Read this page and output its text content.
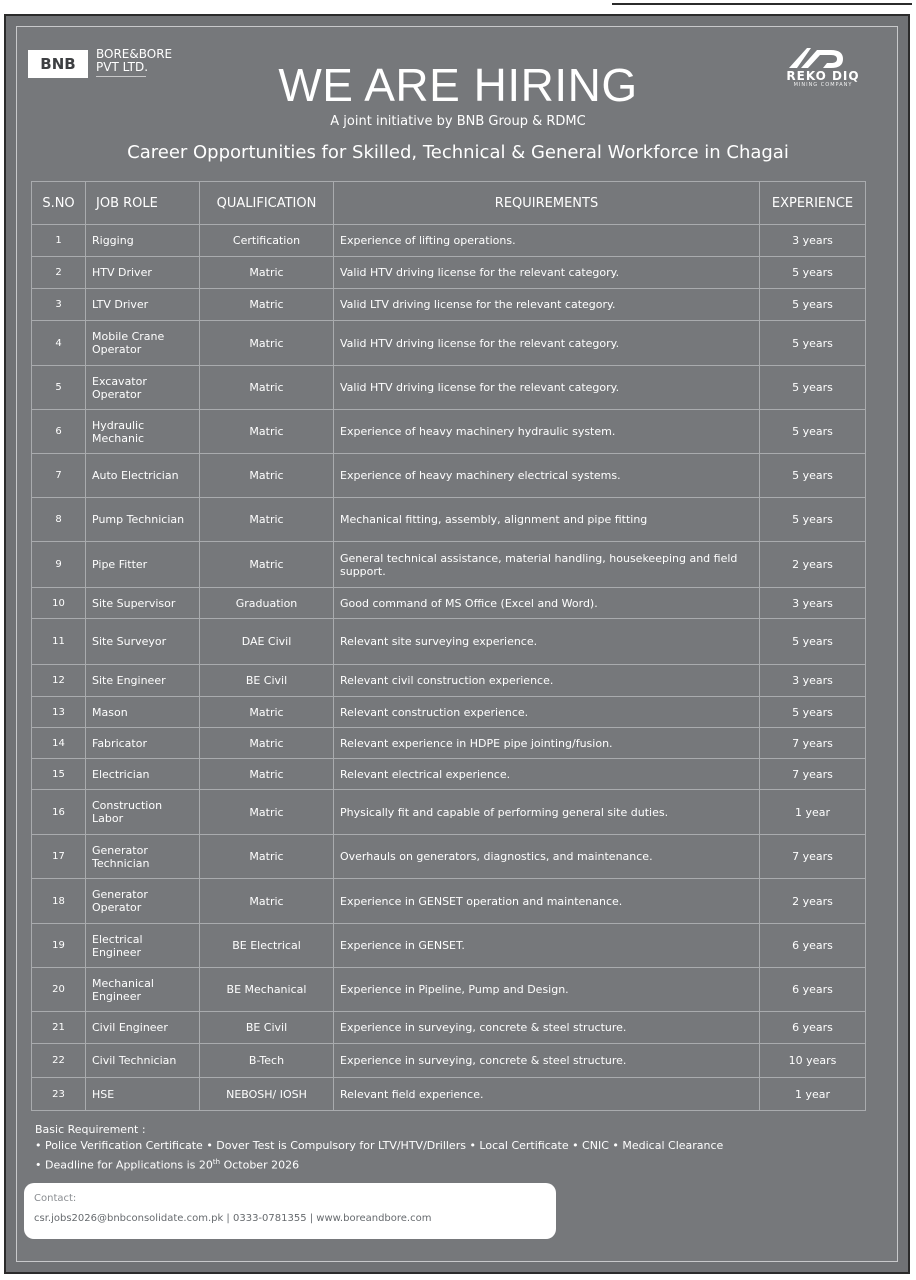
BNB
BORE&BORE
PVT LTD.
REKO DIQ
MINING COMPANY
WE ARE HIRING
A joint initiative by BNB Group & RDMC
Career Opportunities for Skilled, Technical & General Workforce in Chagai
S.NO	JOB ROLE	QUALIFICATION	REQUIREMENTS	EXPERIENCE
1	Rigging	Certification	Experience of lifting operations.	3 years
2	HTV Driver	Matric	Valid HTV driving license for the relevant category.	5 years
3	LTV Driver	Matric	Valid LTV driving license for the relevant category.	5 years
4	Mobile Crane Operator	Matric	Valid HTV driving license for the relevant category.	5 years
5	Excavator Operator	Matric	Valid HTV driving license for the relevant category.	5 years
6	Hydraulic Mechanic	Matric	Experience of heavy machinery hydraulic system.	5 years
7	Auto Electrician	Matric	Experience of heavy machinery electrical systems.	5 years
8	Pump Technician	Matric	Mechanical fitting, assembly, alignment and pipe fitting	5 years
9	Pipe Fitter	Matric	General technical assistance, material handling, housekeeping and field support.	2 years
10	Site Supervisor	Graduation	Good command of MS Office (Excel and Word).	3 years
11	Site Surveyor	DAE Civil	Relevant site surveying experience.	5 years
12	Site Engineer	BE Civil	Relevant civil construction experience.	3 years
13	Mason	Matric	Relevant construction experience.	5 years
14	Fabricator	Matric	Relevant experience in HDPE pipe jointing/fusion.	7 years
15	Electrician	Matric	Relevant electrical experience.	7 years
16	Construction Labor	Matric	Physically fit and capable of performing general site duties.	1 year
17	Generator Technician	Matric	Overhauls on generators, diagnostics, and maintenance.	7 years
18	Generator Operator	Matric	Experience in GENSET operation and maintenance.	2 years
19	Electrical Engineer	BE Electrical	Experience in GENSET.	6 years
20	Mechanical Engineer	BE Mechanical	Experience in Pipeline, Pump and Design.	6 years
21	Civil Engineer	BE Civil	Experience in surveying, concrete & steel structure.	6 years
22	Civil Technician	B-Tech	Experience in surveying, concrete & steel structure.	10 years
23	HSE	NEBOSH/ IOSH	Relevant field experience.	1 year
Basic Requirement :
• Police Verification Certificate • Dover Test is Compulsory for LTV/HTV/Drillers • Local Certificate • CNIC • Medical Clearance
• Deadline for Applications is 20th October 2026
Contact:
csr.jobs2026@bnbconsolidate.com.pk | 0333-0781355 | www.boreandbore.com
